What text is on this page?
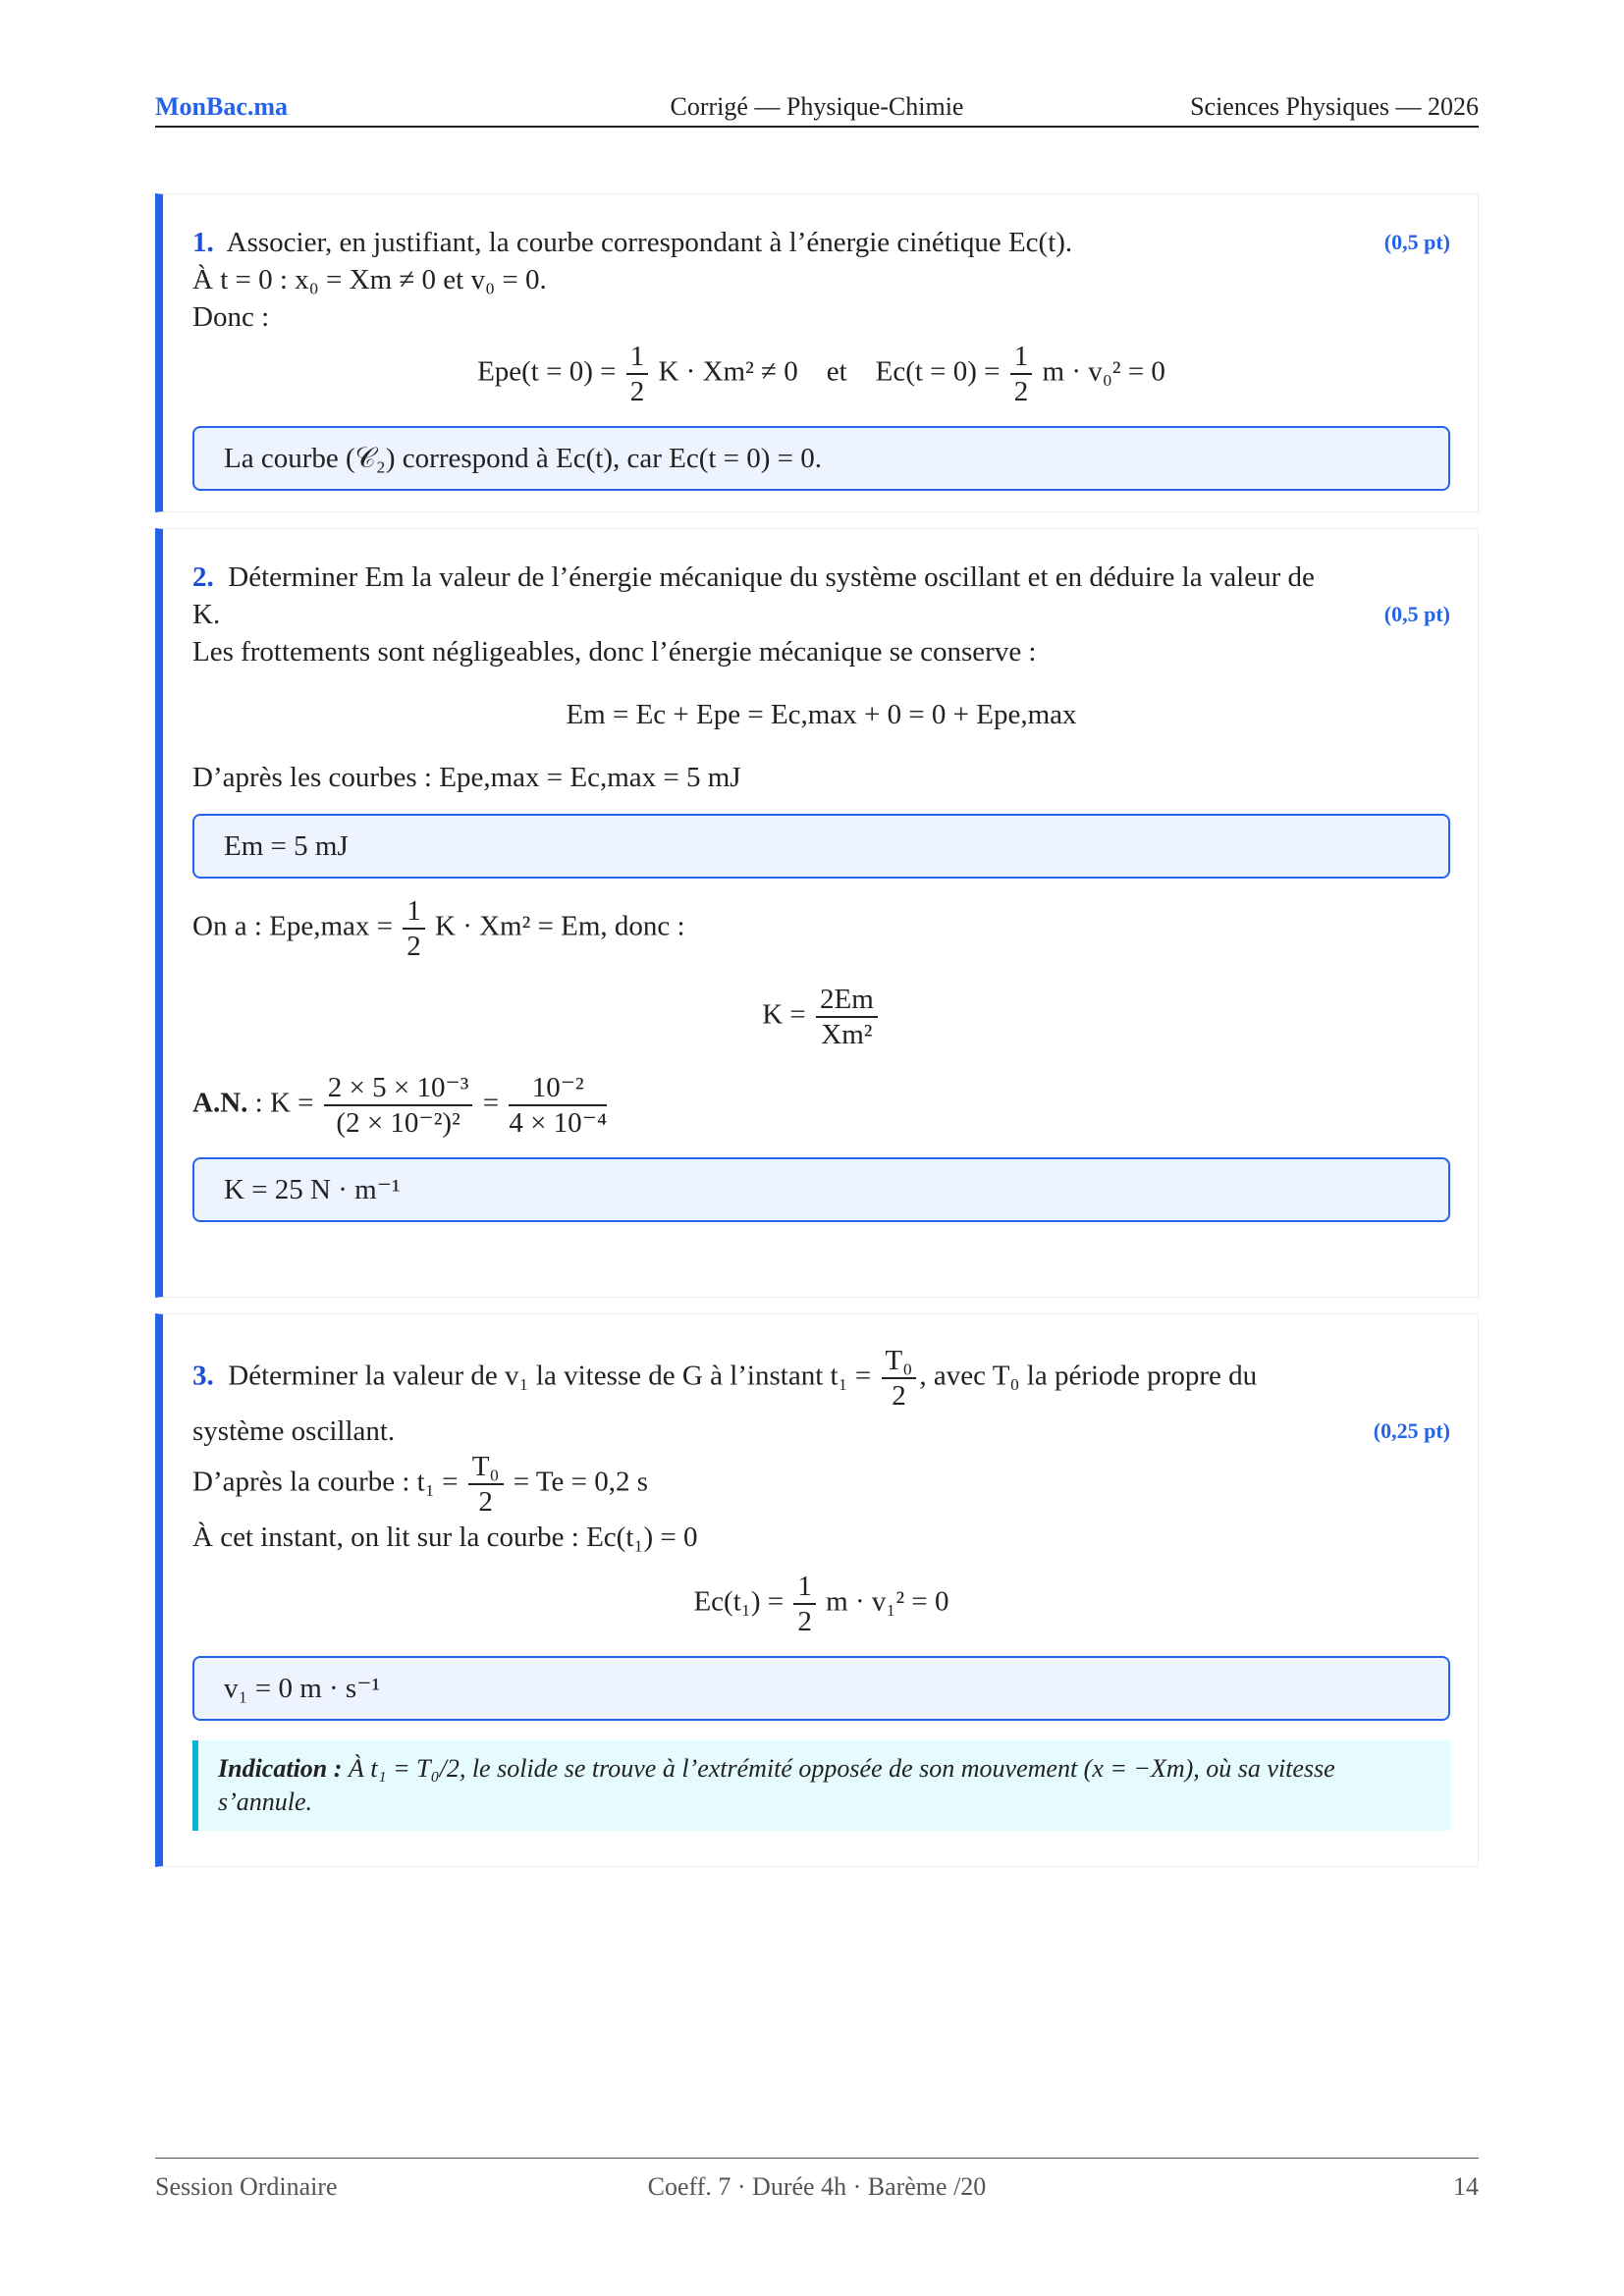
MonBac.ma	Corrigé — Physique-Chimie	Sciences Physiques — 2026
1. Associer, en justifiant, la courbe correspondant à l’énergie cinétique Ec(t).	(0,5 pt)

À t = 0 : x₀ = Xm ≠ 0 et v₀ = 0.

Donc :

$Epe(t = 0) = \frac{1}{2}$ K · Xm² ≠ 0    et    $Ec(t = 0) = \frac{1}{2}$ m · v₀² = 0
La courbe (𝒞₂) correspond à Ec(t), car Ec(t = 0) = 0.
2. Déterminer Em la valeur de l’énergie mécanique du système oscillant et en déduire la valeur de K.	(0,5 pt)

Les frottements sont négligeables, donc l’énergie mécanique se conserve :

Em = Ec + Epe = Ec,max + 0 = 0 + Epe,max

D’après les courbes : Epe,max = Ec,max = 5 mJ

Em = 5 mJ

On a : $Epe,\max = \frac{1}{2}$ K · Xm² = Em, donc :

$K = \frac{2Em}{\text{Xm²}}$

A.N. : $K = \frac{\text{2 × 5 × 10⁻³}}{\text{(2 × 10⁻²)²}} = \frac{\text{10⁻²}}{\text{4 × 10⁻⁴}}$

K = 25 N · m⁻¹
3. Déterminer la valeur de v₁ la vitesse de G à l’instant $t_1 = \frac{\text{T₀}}{2}$ , avec T₀ la période propre du système oscillant.	(0,25 pt)

D’après la courbe : $t_1 = \frac{\text{T₀}}{2} = Te = 0,2$ s

À cet instant, on lit sur la courbe : Ec(t₁) = 0

$Ec(t_1) = \frac{1}{2}$ m · v₁² = 0
v₁ = 0 m · s⁻¹
Indication : À t₁ = T₀/2, le solide se trouve à l’extrémité opposée de son mouvement (x = −Xm), où sa vitesse s’annule.
Session Ordinaire	Coeff. 7 · Durée 4h · Barème /20	14
